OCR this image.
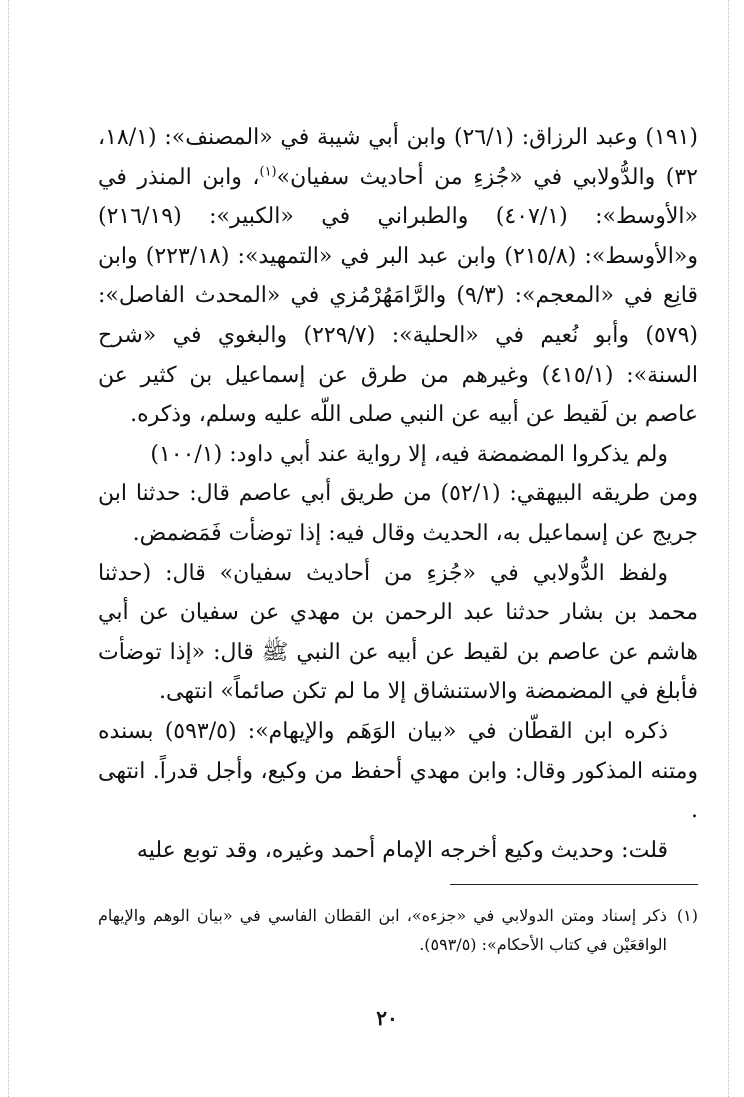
(١٩١) وعبد الرزاق: (٢٦/١) وابن أبي شيبة في «المصنف»: (١٨/١، ٣٢) والدُّولابي في «جُزءِ من أحاديث سفيان»$^{(١)}$، وابن المنذر في «الأوسط»: (٤٠٧/١) والطبراني في «الكبير»: (٢١٦/١٩) و«الأوسط»: (٢١٥/٨) وابن عبد البر في «التمهيد»: (٢٢٣/١٨) وابن قانِع في «المعجم»: (٩/٣) والرَّامَهُرْمُزي في «المحدث الفاصل»: (٥٧٩) وأبو نُعيم في «الحلية»: (٢٢٩/٧) والبغوي في «شرح السنة»: (٤١٥/١) وغيرهم من طرق عن إسماعيل بن كثير عن عاصم بن لَقيط عن أبيه عن النبي صلى اللّه عليه وسلم، وذكره.

ولم يذكروا المضمضة فيه، إلا رواية عند أبي داود: (١٠٠/١)

ومن طريقه البيهقي: (٥٢/١) من طريق أبي عاصم قال: حدثنا ابن جريج عن إسماعيل به، الحديث وقال فيه: إذا توضأت فَمَضمض.

ولفظ الدُّولابي في «جُزءِ من أحاديث سفيان» قال: (حدثنا محمد بن بشار حدثنا عبد الرحمن بن مهدي عن سفيان عن أبي هاشم عن عاصم بن لقيط عن أبيه عن النبي ﷺ قال: «إذا توضأت فأبلغ في المضمضة والاستنشاق إلا ما لم تكن صائماً» انتهى.

ذكره ابن القطّان في «بيان الوَهَم والإيهام»: (٥٩٣/٥) بسنده ومتنه المذكور وقال: وابن مهدي أحفظ من وكيع، وأجل قدراً. انتهى .

قلت: وحديث وكيع أخرجه الإمام أحمد وغيره، وقد توبع عليه

(١)
ذكر إسناد ومتن الدولابي في «جزءه»، ابن القطان الفاسي في «بيان الوهم والإيهام الواقعَيْن في كتاب الأحكام»: (٥٩٣/٥).
٢٠
